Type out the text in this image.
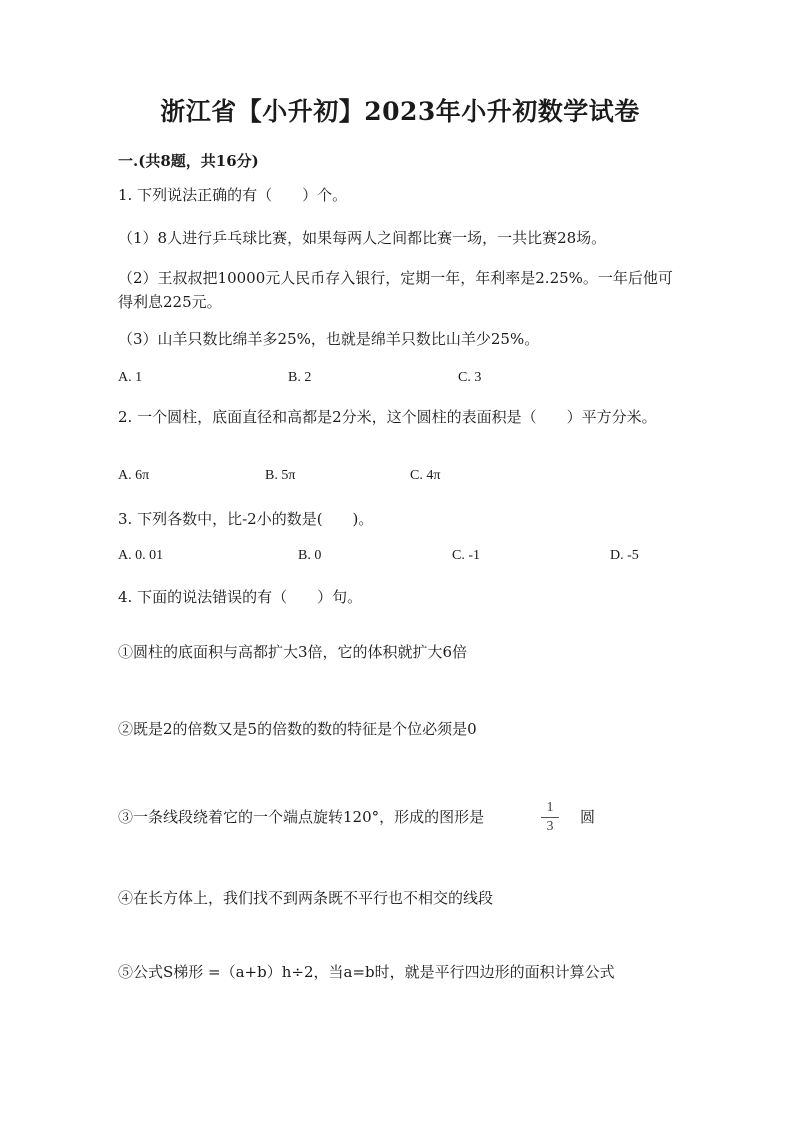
浙江省【小升初】2023年小升初数学试卷
一.(共8题，共16分)
1. 下列说法正确的有（　　）个。
（1）8人进行乒乓球比赛，如果每两人之间都比赛一场，一共比赛28场。
（2）王叔叔把10000元人民币存入银行，定期一年，年利率是2.25%。一年后他可得利息225元。
（3）山羊只数比绵羊多25%，也就是绵羊只数比山羊少25%。
A. 1	B. 2	C. 3
2. 一个圆柱，底面直径和高都是2分米，这个圆柱的表面积是（　　）平方分米。
A. 6π	B. 5π	C. 4π
3. 下列各数中，比-2小的数是(　　)。
A. 0. 01	B. 0	C. -1	D. -5
4. 下面的说法错误的有（　　）句。
①圆柱的底面积与高都扩大3倍，它的体积就扩大6倍
②既是2的倍数又是5的倍数的数的特征是个位必须是0
③一条线段绕着它的一个端点旋转120°，形成的图形是
1
3
圆
④在长方体上，我们找不到两条既不平行也不相交的线段
⑤公式S梯形 =（a+b）h÷2，当a=b时，就是平行四边形的面积计算公式
